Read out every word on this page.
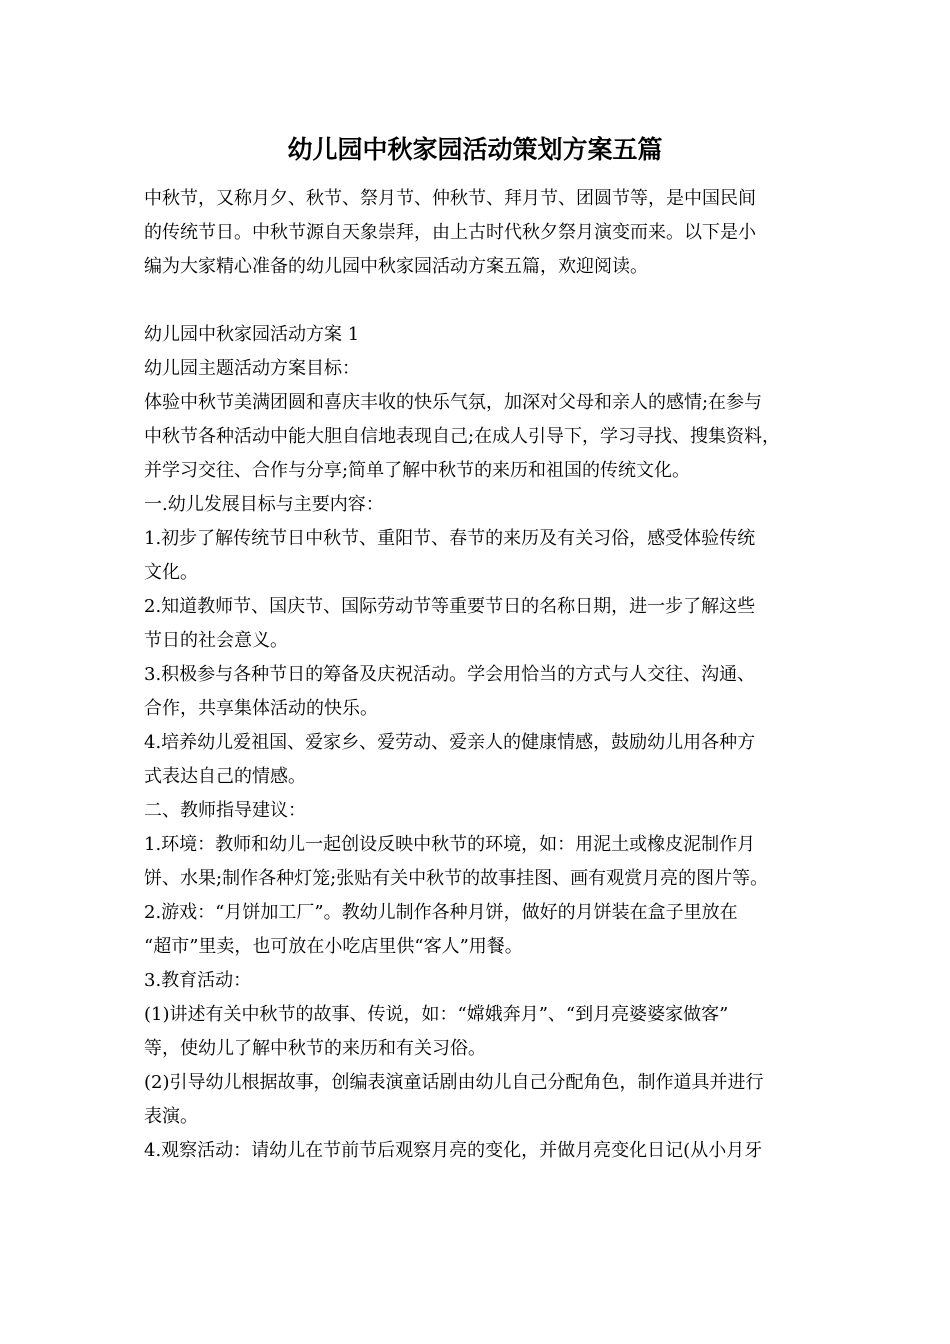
幼儿园中秋家园活动策划方案五篇

中秋节，又称月夕、秋节、祭月节、仲秋节、拜月节、团圆节等，是中国民间

的传统节日。中秋节源自天象崇拜，由上古时代秋夕祭月演变而来。以下是小

编为大家精心准备的幼儿园中秋家园活动方案五篇，欢迎阅读。

幼儿园中秋家园活动方案 1

幼儿园主题活动方案目标：

体验中秋节美满团圆和喜庆丰收的快乐气氛，加深对父母和亲人的感情;在参与

中秋节各种活动中能大胆自信地表现自己;在成人引导下，学习寻找、搜集资料，

并学习交往、合作与分享;简单了解中秋节的来历和祖国的传统文化。

一.幼儿发展目标与主要内容：

1.初步了解传统节日中秋节、重阳节、春节的来历及有关习俗，感受体验传统

文化。

2.知道教师节、国庆节、国际劳动节等重要节日的名称日期，进一步了解这些

节日的社会意义。

3.积极参与各种节日的筹备及庆祝活动。学会用恰当的方式与人交往、沟通、

合作，共享集体活动的快乐。

4.培养幼儿爱祖国、爱家乡、爱劳动、爱亲人的健康情感，鼓励幼儿用各种方

式表达自己的情感。

二、教师指导建议：

1.环境：教师和幼儿一起创设反映中秋节的环境，如：用泥土或橡皮泥制作月

饼、水果;制作各种灯笼;张贴有关中秋节的故事挂图、画有观赏月亮的图片等。

2.游戏：“月饼加工厂”。教幼儿制作各种月饼，做好的月饼装在盒子里放在

“超市”里卖，也可放在小吃店里供“客人”用餐。

3.教育活动：

(1)讲述有关中秋节的故事、传说，如：“嫦娥奔月”、“到月亮婆婆家做客”

等，使幼儿了解中秋节的来历和有关习俗。

(2)引导幼儿根据故事，创编表演童话剧由幼儿自己分配角色，制作道具并进行

表演。

4.观察活动：请幼儿在节前节后观察月亮的变化，并做月亮变化日记(从小月牙
